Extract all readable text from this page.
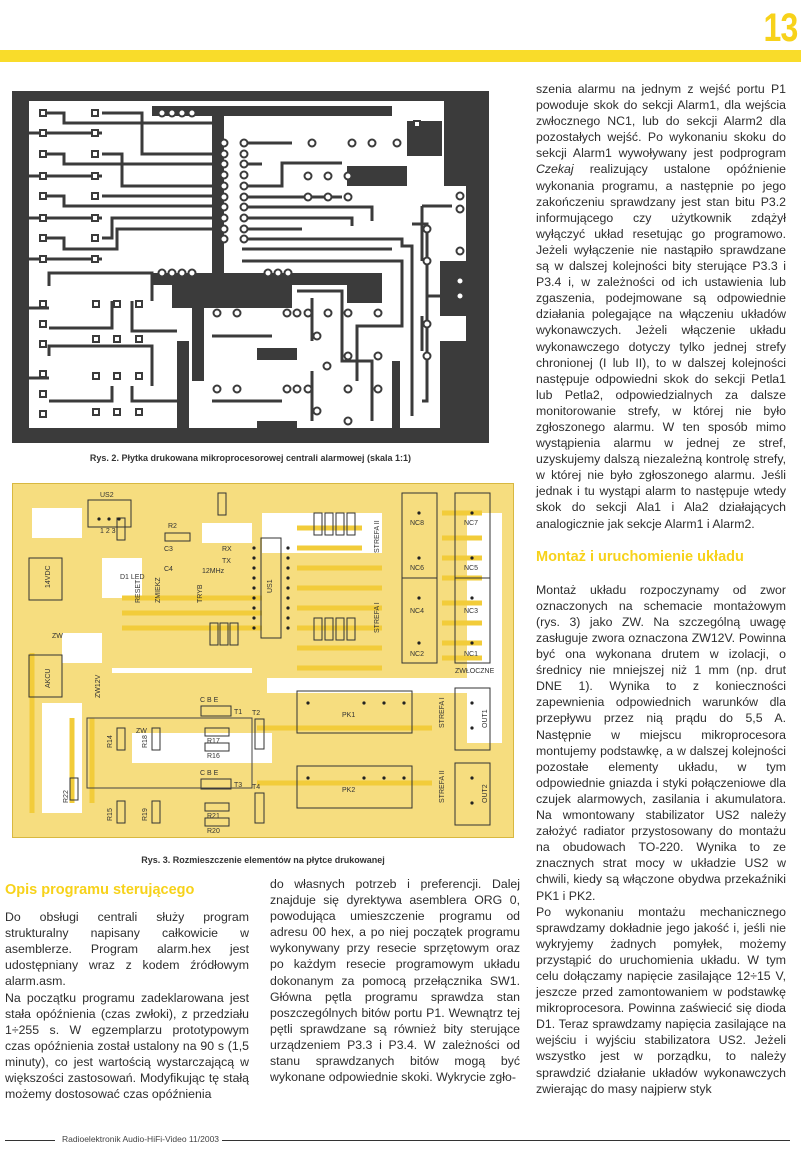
13
Rys. 2. Płytka drukowana mikroprocesorowej centrali alarmowej (skala 1:1)
US2
1 2 3
R2
C3
C4
RX
TX
12MHz
D1 LED
ZW
ZW
NC8	NC7
NC6	NC5
NC4	NC3
NC2	NC1
ZWŁOCZNE
PK1
PK2
C B E
T1
C B E
T3
T2
T4
R17
R16
R21
R20
US1
STREFA II
STREFA I
STREFA I
STREFA II
OUT1
OUT2
14VDC
AKCU
RESET ZMIEKZ	TRYB
ZW12V
R22
R14	R18
R15	R19
Rys. 3. Rozmieszczenie elementów na płytce drukowanej

Opis programu sterującego

Do obsługi centrali służy program strukturalny napisany całkowicie w asemblerze. Program alarm.hex jest udostępniany wraz z kodem źródłowym alarm.asm.

Na początku programu zadeklarowana jest stała opóźnienia (czas zwłoki), z przedziału 1÷255 s. W egzemplarzu prototypowym czas opóźnienia został ustalony na 90 s (1,5 minuty), co jest wartością wystarczającą w większości zastosowań. Modyfikując tę stałą możemy dostosować czas opóźnienia

do własnych potrzeb i preferencji. Dalej znajduje się dyrektywa asemblera ORG 0, powodująca umieszczenie programu od adresu 00 hex, a po niej początek programu wykonywany przy resecie sprzętowym oraz po każdym resecie programowym układu dokonanym za pomocą przełącznika SW1. Główna pętla programu sprawdza stan poszczególnych bitów portu P1. Wewnątrz tej pętli sprawdzane są również bity sterujące urządzeniem P3.3 i P3.4. W zależności od stanu sprawdzanych bitów mogą być wykonane odpowiednie skoki. Wykrycie zgło-

szenia alarmu na jednym z wejść portu P1 powoduje skok do sekcji Alarm1, dla wejścia zwłocznego NC1, lub do sekcji Alarm2 dla pozostałych wejść. Po wykonaniu skoku do sekcji Alarm1 wywoływany jest podprogram Czekaj realizujący ustalone opóźnienie wykonania programu, a następnie po jego zakończeniu sprawdzany jest stan bitu P3.2 informującego czy użytkownik zdążył wyłączyć układ resetując go programowo. Jeżeli wyłączenie nie nastąpiło sprawdzane są w dalszej kolejności bity sterujące P3.3 i P3.4 i, w zależności od ich ustawienia lub zgaszenia, podejmowane są odpowiednie działania polegające na włączeniu układów wykonawczych. Jeżeli włączenie układu wykonawczego dotyczy tylko jednej strefy chronionej (I lub II), to w dalszej kolejności następuje odpowiedni skok do sekcji Petla1 lub Petla2, odpowiedzialnych za dalsze monitorowanie strefy, w której nie było zgłoszonego alarmu. W ten sposób mimo wystąpienia alarmu w jednej ze stref, uzyskujemy dalszą niezależną kontrolę strefy, w której nie było zgłoszonego alarmu. Jeśli jednak i tu wystąpi alarm to następuje wtedy skok do sekcji Ala1 i Ala2 działających analogicznie jak sekcje Alarm1 i Alarm2.

Montaż i uruchomienie układu

Montaż układu rozpoczynamy od zwor oznaczonych na schemacie montażowym (rys. 3) jako ZW. Na szczególną uwagę zasługuje zwora oznaczona ZW12V. Powinna być ona wykonana drutem w izolacji, o średnicy nie mniejszej niż 1 mm (np. drut DNE 1). Wynika to z konieczności zapewnienia odpowiednich warunków dla przepływu przez nią prądu do 5,5 A. Następnie w miejscu mikroprocesora montujemy podstawkę, a w dalszej kolejności pozostałe elementy układu, w tym odpowiednie gniazda i styki połączeniowe dla czujek alarmowych, zasilania i akumulatora. Na wmontowany stabilizator US2 należy założyć radiator przystosowany do montażu na obudowach TO-220. Wynika to ze znacznych strat mocy w układzie US2 w chwili, kiedy są włączone obydwa przekaźniki PK1 i PK2.

Po wykonaniu montażu mechanicznego sprawdzamy dokładnie jego jakość i, jeśli nie wykryjemy żadnych pomyłek, możemy przystąpić do uruchomienia układu. W tym celu dołączamy napięcie zasilające 12÷15 V, jeszcze przed zamontowaniem w podstawkę mikroprocesora. Powinna zaświecić się dioda D1. Teraz sprawdzamy napięcia zasilające na wejściu i wyjściu stabilizatora US2. Jeżeli wszystko jest w porządku, to należy sprawdzić działanie układów wykonawczych zwierając do masy najpierw styk

Radioelektronik Audio-HiFi-Video 11/2003
